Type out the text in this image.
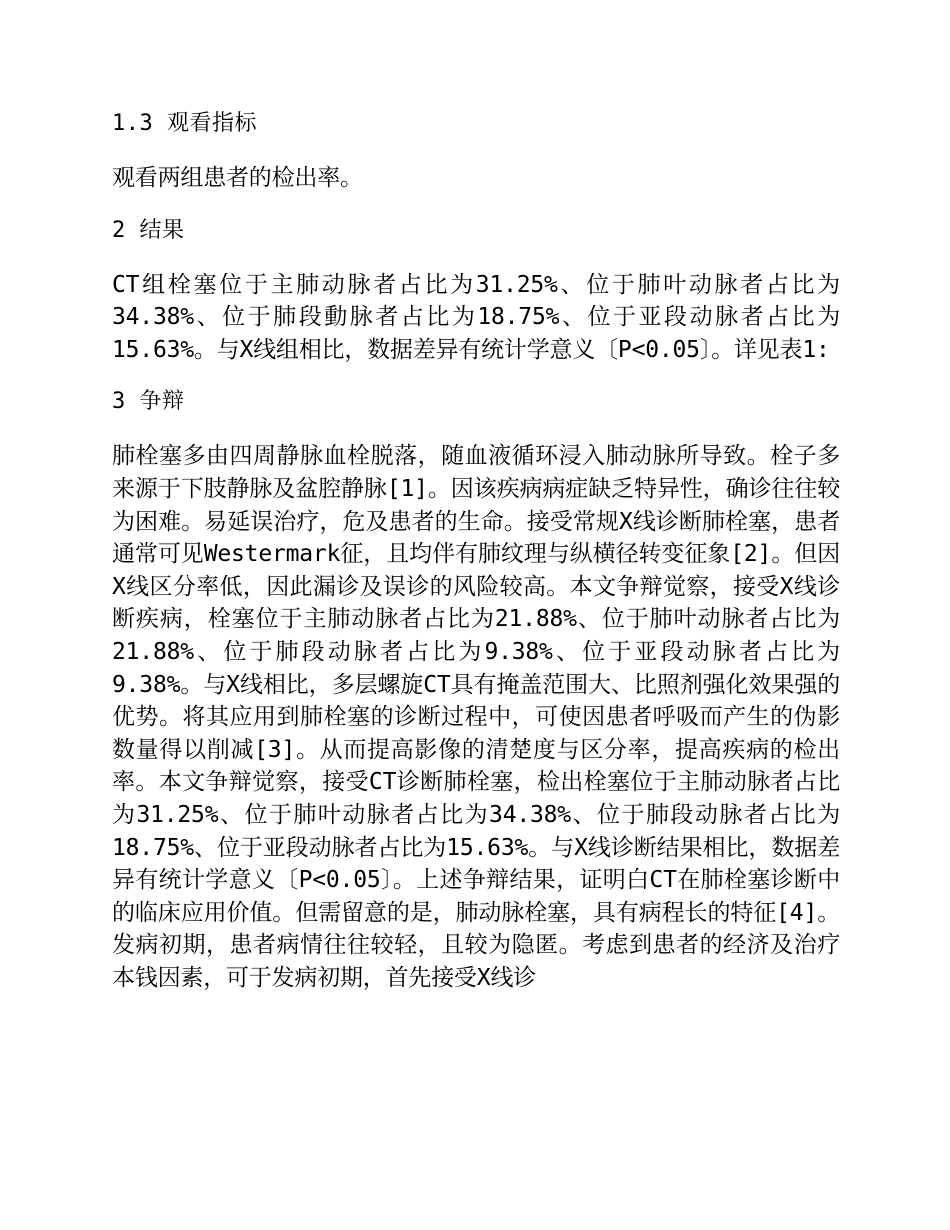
1.3 观看指标

观看两组患者的检出率。

2 结果

CT组栓塞位于主肺动脉者占比为31.25%、位于肺叶动脉者占比为34.38%、位于肺段動脉者占比为18.75%、位于亚段动脉者占比为15.63%。与X线组相比，数据差异有统计学意义〔P<0.05〕。详见表1:

3 争辩

肺栓塞多由四周静脉血栓脱落，随血液循环浸入肺动脉所导致。栓子多来源于下肢静脉及盆腔静脉[1]。因该疾病病症缺乏特异性，确诊往往较为困难。易延误治疗，危及患者的生命。接受常规X线诊断肺栓塞，患者通常可见Westermark征，且均伴有肺纹理与纵横径转变征象[2]。但因X线区分率低，因此漏诊及误诊的风险较高。本文争辩觉察，接受X线诊断疾病，栓塞位于主肺动脉者占比为21.88%、位于肺叶动脉者占比为21.88%、位于肺段动脉者占比为9.38%、位于亚段动脉者占比为9.38%。与X线相比，多层螺旋CT具有掩盖范围大、比照剂强化效果强的优势。将其应用到肺栓塞的诊断过程中，可使因患者呼吸而产生的伪影数量得以削减[3]。从而提高影像的清楚度与区分率，提高疾病的检出率。本文争辩觉察，接受CT诊断肺栓塞，检出栓塞位于主肺动脉者占比为31.25%、位于肺叶动脉者占比为34.38%、位于肺段动脉者占比为18.75%、位于亚段动脉者占比为15.63%。与X线诊断结果相比，数据差异有统计学意义〔P<0.05〕。上述争辩结果，证明白CT在肺栓塞诊断中的临床应用价值。但需留意的是，肺动脉栓塞，具有病程长的特征[4]。发病初期，患者病情往往较轻，且较为隐匿。考虑到患者的经济及治疗本钱因素，可于发病初期，首先接受X线诊
